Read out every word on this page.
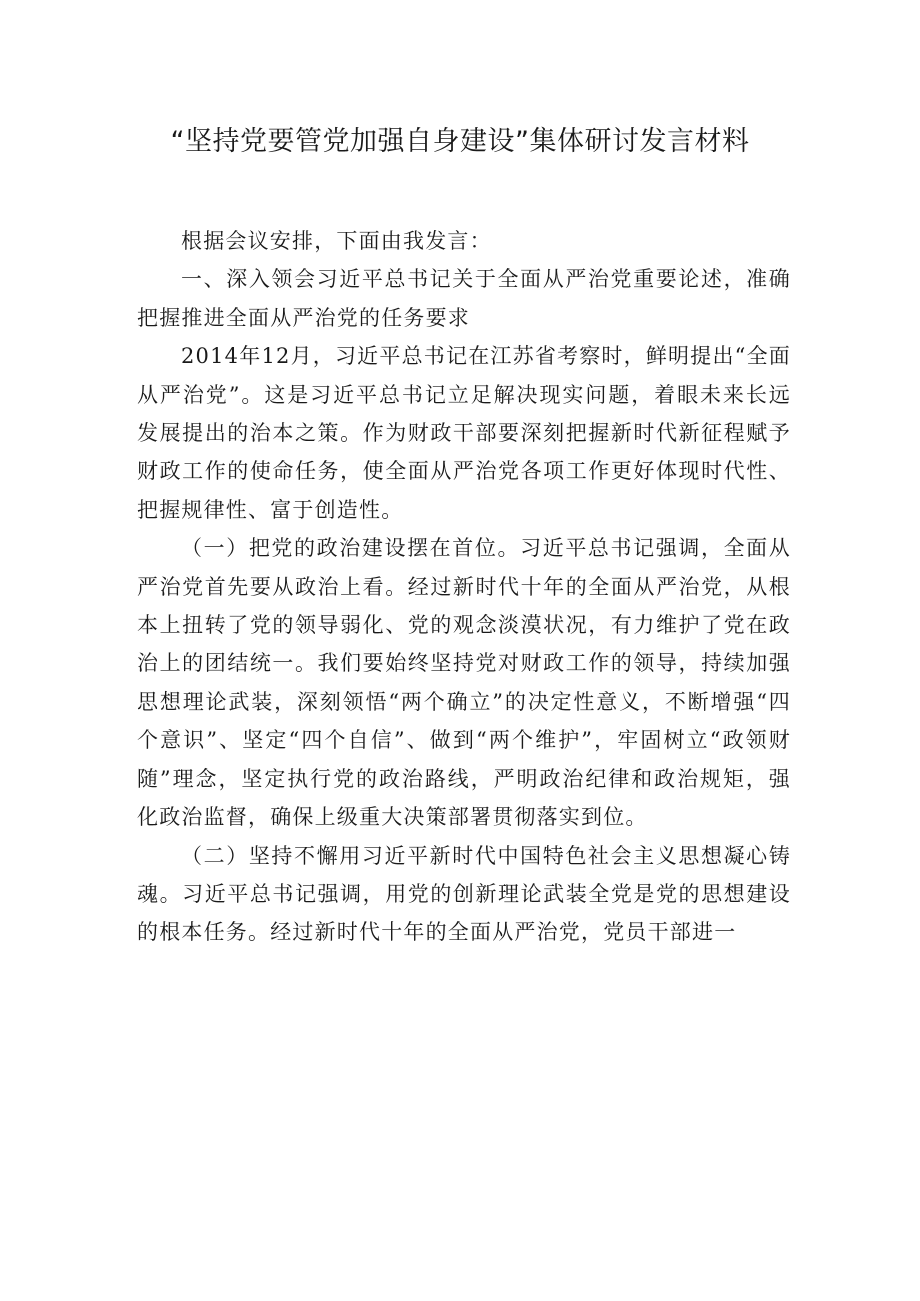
“坚持党要管党加强自身建设”集体研讨发言材料

根据会议安排，下面由我发言：

一、深入领会习近平总书记关于全面从严治党重要论述，准确把握推进全面从严治党的任务要求

2014年12月，习近平总书记在江苏省考察时，鲜明提出“全面从严治党”。这是习近平总书记立足解决现实问题，着眼未来长远发展提出的治本之策。作为财政干部要深刻把握新时代新征程赋予财政工作的使命任务，使全面从严治党各项工作更好体现时代性、把握规律性、富于创造性。

（一）把党的政治建设摆在首位。习近平总书记强调，全面从严治党首先要从政治上看。经过新时代十年的全面从严治党，从根本上扭转了党的领导弱化、党的观念淡漠状况，有力维护了党在政治上的团结统一。我们要始终坚持党对财政工作的领导，持续加强思想理论武装，深刻领悟“两个确立”的决定性意义，不断增强“四个意识”、坚定“四个自信”、做到“两个维护”，牢固树立“政领财随”理念，坚定执行党的政治路线，严明政治纪律和政治规矩，强化政治监督，确保上级重大决策部署贯彻落实到位。

（二）坚持不懈用习近平新时代中国特色社会主义思想凝心铸魂。习近平总书记强调，用党的创新理论武装全党是党的思想建设的根本任务。经过新时代十年的全面从严治党，党员干部进一
